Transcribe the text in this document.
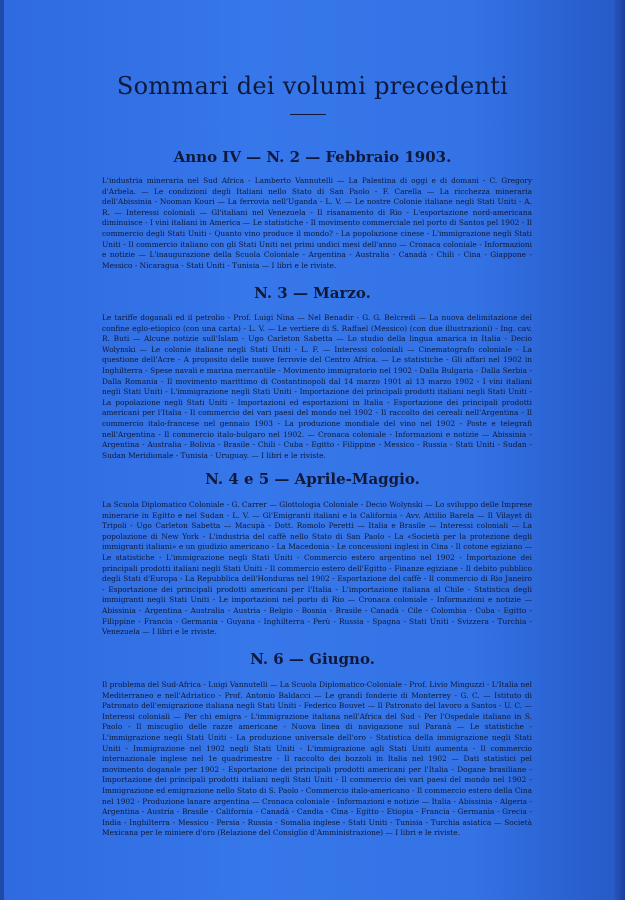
Sommari dei volumi precedenti
Anno IV — N. 2 — Febbraio 1903.

L'industria mineraria nel Sud Africa - Lamberto Vannutelli — La Palestina di oggi e di domani - C. Gregory d'Arbela. — Le condizioni degli Italiani nello Stato di San Paolo - F. Carella — La ricchezza mineraria dell'Abissinia - Nooman Kouri — La ferrovia nell'Uganda - L. V. — Le nostre Colonie italiane negli Stati Uniti - A. R. — Interessi coloniali — Gl'italiani nel Venezuela - Il risanamento di Rio - L'esportazione nord-americana diminuisce - I vini italiani in America — Le statistiche - Il movimento commerciale nel porto di Santos pel 1902 - Il commercio degli Stati Uniti - Quanto vino produce il mondo? - La popolazione cinese - L'immigrazione negli Stati Uniti - Il commercio italiano con gli Stati Uniti nei primi undici mesi dell'anno — Cronaca coloniale - Informazioni e notizie — L'inaugurazione della Scuola Coloniale - Argentina - Australia - Canadà - Chili - Cina - Giappone - Messico - Nicaragua - Stati Uniti - Tunisia — I libri e le riviste.

N. 3 — Marzo.

Le tariffe doganali ed il petrolio - Prof. Luigi Nina — Nel Benadir - G. G. Belcredi — La nuova delimitazione del confine eglo-etiopico (con una carta) - L. V. — Le vertiere di S. Raffael (Messico) (con due illustrazioni) - Ing. cav. R. Buti — Alcune notizie sull'Islam - Ugo Carleton Sabetta — Lo studio della lingua amarica in Italia - Decio Wolynski — Le colonie italiane negli Stati Uniti - L. F. — Interessi coloniali — Cinematografo coloniale - La questione dell'Acre - A proposito delle nuove ferrovie del Centro Africa. — Le statistiche - Gli affari nel 1902 in Inghilterra - Spese navali e marina mercantile - Movimento immigratorio nel 1902 - Dalla Bulgaria - Dalla Serbia - Dalla Romania - Il movimento marittimo di Costantinopoli dal 14 marzo 1901 al 13 marzo 1902 - I vini italiani negli Stati Uniti - L'immigrazione negli Stati Uniti - Importazione dei principali prodotti italiani negli Stati Uniti - La popolazione negli Stati Uniti - Importazioni ed esportazioni in Italia - Esportazione dei principali prodotti americani per l'Italia - Il commercio dei vari paesi del mondo nel 1902 - Il raccolto dei cereali nell'Argentina - Il commercio italo-francese nel gennaio 1903 - La produzione mondiale del vino nel 1902 - Poste e telegrafi nell'Argentina - Il commercio italo-bulgaro nel 1902. — Cronaca coloniale - Informazioni e notizie — Abissinia - Argentina - Australia - Bolivia - Brasile - Chili - Cuba - Egitto - Filippine - Messico - Russia - Stati Uniti - Sudan - Sudan Meridionale - Tunisia - Uruguay. — I libri e le riviste.

N. 4 e 5 — Aprile-Maggio.

La Scuola Diplomatico Coloniale - G. Carrer — Glottologia Coloniale - Decio Wolynski — Lo sviluppo delle Imprese minerarie in Egitto e nel Sudan - L. V. — Gl'Emigranti italiani e la California - Avv. Attilio Barela — Il Vilayet di Tripoli - Ugo Carleton Sabetta — Macupà - Dott. Romolo Peretti — Italia e Brasile — Interessi coloniali — La popolazione di New York - L'industria del caffè nello Stato di San Paolo - La «Società per la protezione degli immigranti italiani» e un giudizio americano - La Macedonia - Le concessioni inglesi in Cina - Il cotone egiziano — Le statistiche - L'immigrazione negli Stati Uniti - Commercio estero argentino nel 1902 - Importazione dei principali prodotti italiani negli Stati Uniti - Il commercio estero dell'Egitto - Finanze egiziane - Il debito pubblico degli Stati d'Europa - La Repubblica dell'Honduras nel 1902 - Esportazione del caffè - Il commercio di Rio Janeiro - Esportazione dei principali prodotti americani per l'Italia - L'importazione italiana al Chile - Statistica degli immigranti negli Stati Uniti - Le importazioni nel porto di Rio — Cronaca coloniale - Informazioni e notizie — Abissinia - Argentina - Australia - Austria - Belgio - Bosnia - Brasile - Canadà - Cile - Colombia - Cuba - Egitto - Filippine - Francia - Germania - Guyana - Inghilterra - Perù - Russia - Spagna - Stati Uniti - Svizzera - Turchia - Venezuela — I libri e le riviste.

N. 6 — Giugno.

Il problema del Sud-Africa - Luigi Vannutelli — La Scuola Diplomatico-Coloniale - Prof. Livio Minguzzi - L'Italia nel Mediterraneo e nell'Adriatico - Prof. Antonio Baldacci — Le grandi fonderie di Monterrey - G. C. — Istituto di Patronato dell'emigrazione italiana negli Stati Uniti - Federico Bouvet — Il Patronato del lavoro a Santos - U. C. — Interessi coloniali — Per chi emigra - L'immigrazione italiana nell'Africa del Sud - Per l'Ospedale italiano in S. Paolo - Il miscuglio delle razze americane - Nuova linea di navigazione sul Paranà — Le statistiche - L'immigrazione negli Stati Uniti - La produzione universale dell'oro - Statistica della immigrazione negli Stati Uniti - Immigrazione nel 1902 negli Stati Uniti - L'immigrazione agli Stati Uniti aumenta - Il commercio internazionale inglese nel 1e quadrimestre - Il raccolto dei bozzoli in Italia nel 1902 — Dati statistici pel movimento doganale per 1902 - Esportazione dei principali prodotti americani per l'Italia - Dogane brasiliane - Importazione dei principali prodotti italiani negli Stati Uniti - Il commercio dei vari paesi del mondo nel 1902 - Immigrazione ed emigrazione nello Stato di S. Paolo - Commercio italo-americano - Il commercio estero della Cina nel 1902 - Produzione lanare argentina — Cronaca coloniale - Informazioni e notizie — Italia - Abissinia - Algeria - Argentina - Austria - Brasile - California - Canadà - Candia - Cina - Egitto - Etiopia - Francia - Germania - Grecia - India - Inghilterra - Messico - Persia - Russia - Somalia inglese - Stati Uniti - Tunisia - Turchia asiatica — Società Mexicana per le miniere d'oro (Relazione del Consiglio d'Amministrazione) — I libri e le riviste.
